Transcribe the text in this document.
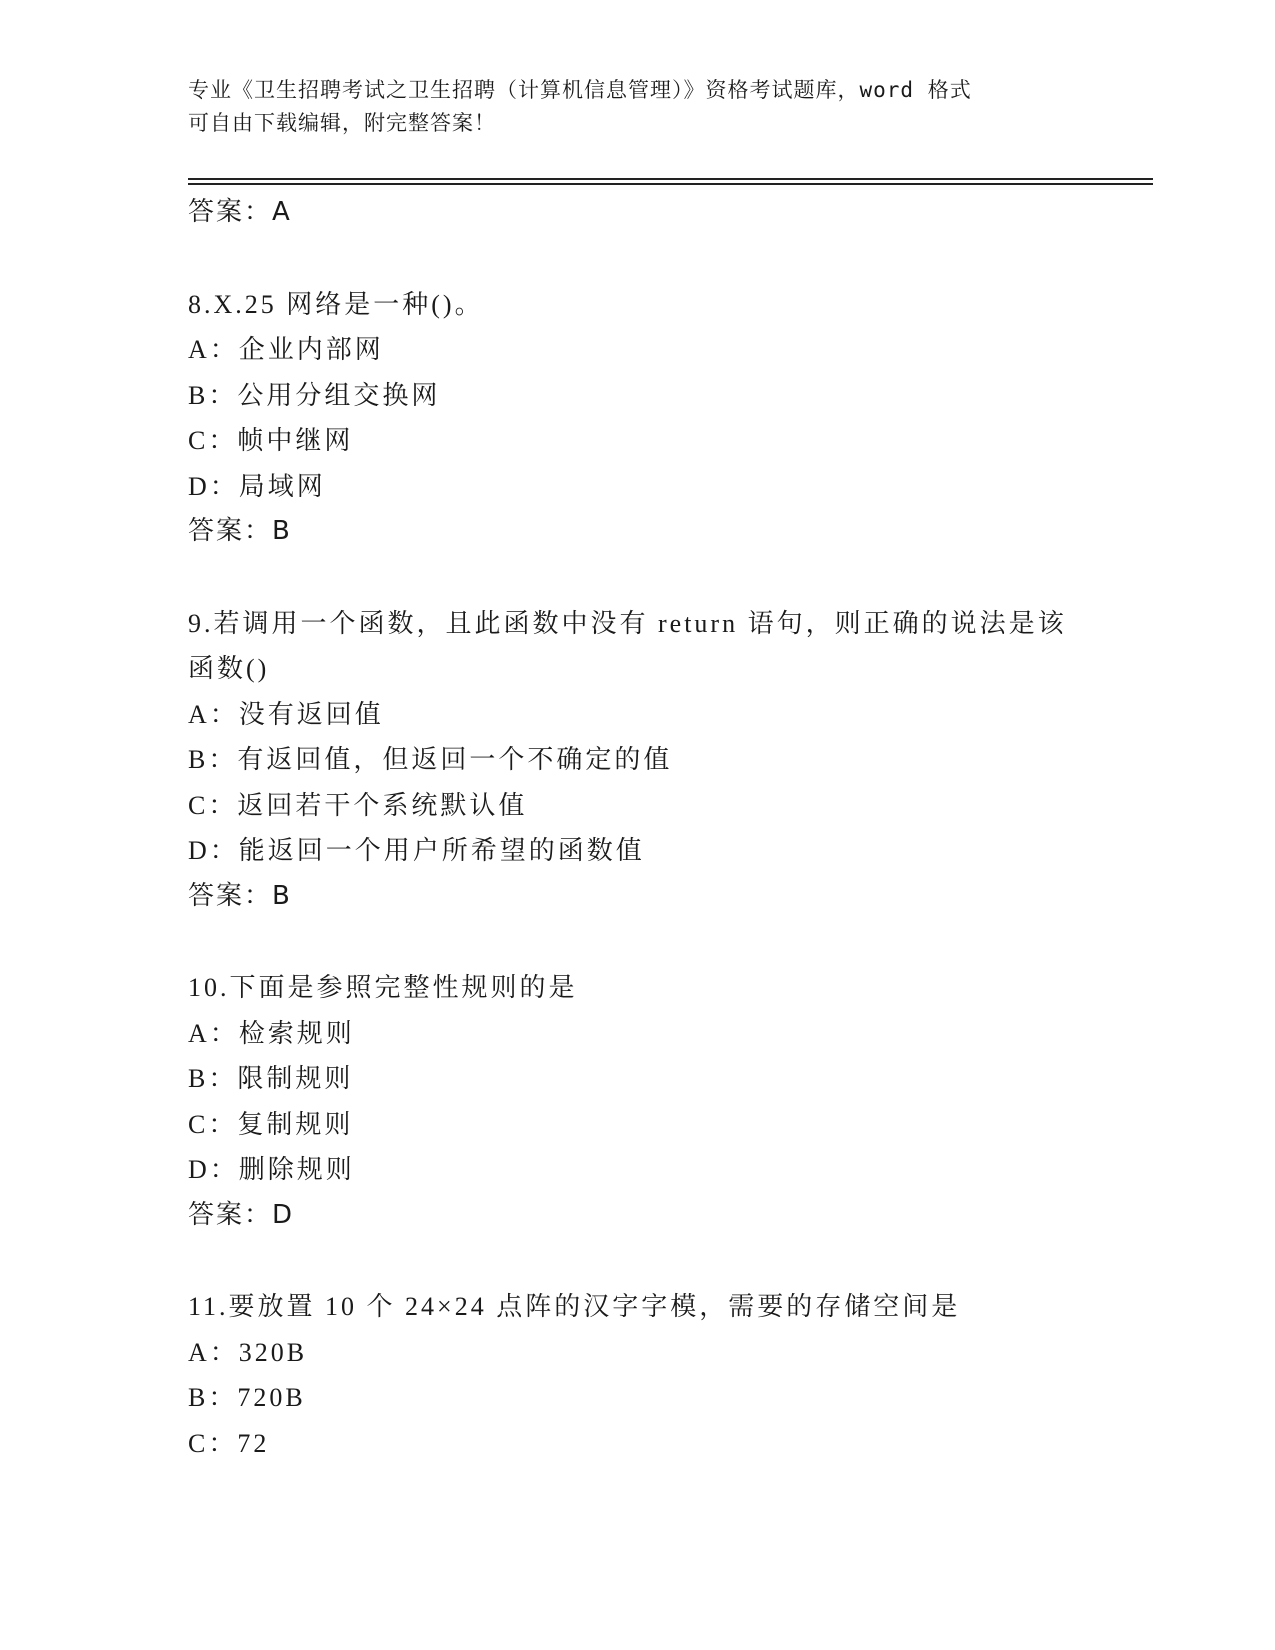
专业《卫生招聘考试之卫生招聘（计算机信息管理）》资格考试题库，word 格式
可自由下载编辑，附完整答案！
答案：A
8.X.25 网络是一种()。
A：企业内部网
B：公用分组交换网
C：帧中继网
D：局域网
答案：B
9.若调用一个函数，且此函数中没有 return 语句，则正确的说法是该
函数()
A：没有返回值
B：有返回值，但返回一个不确定的值
C：返回若干个系统默认值
D：能返回一个用户所希望的函数值
答案：B
10.下面是参照完整性规则的是
A：检索规则
B：限制规则
C：复制规则
D：删除规则
答案：D
11.要放置 10 个 24×24 点阵的汉字字模，需要的存储空间是
A：320B
B：720B
C：72
